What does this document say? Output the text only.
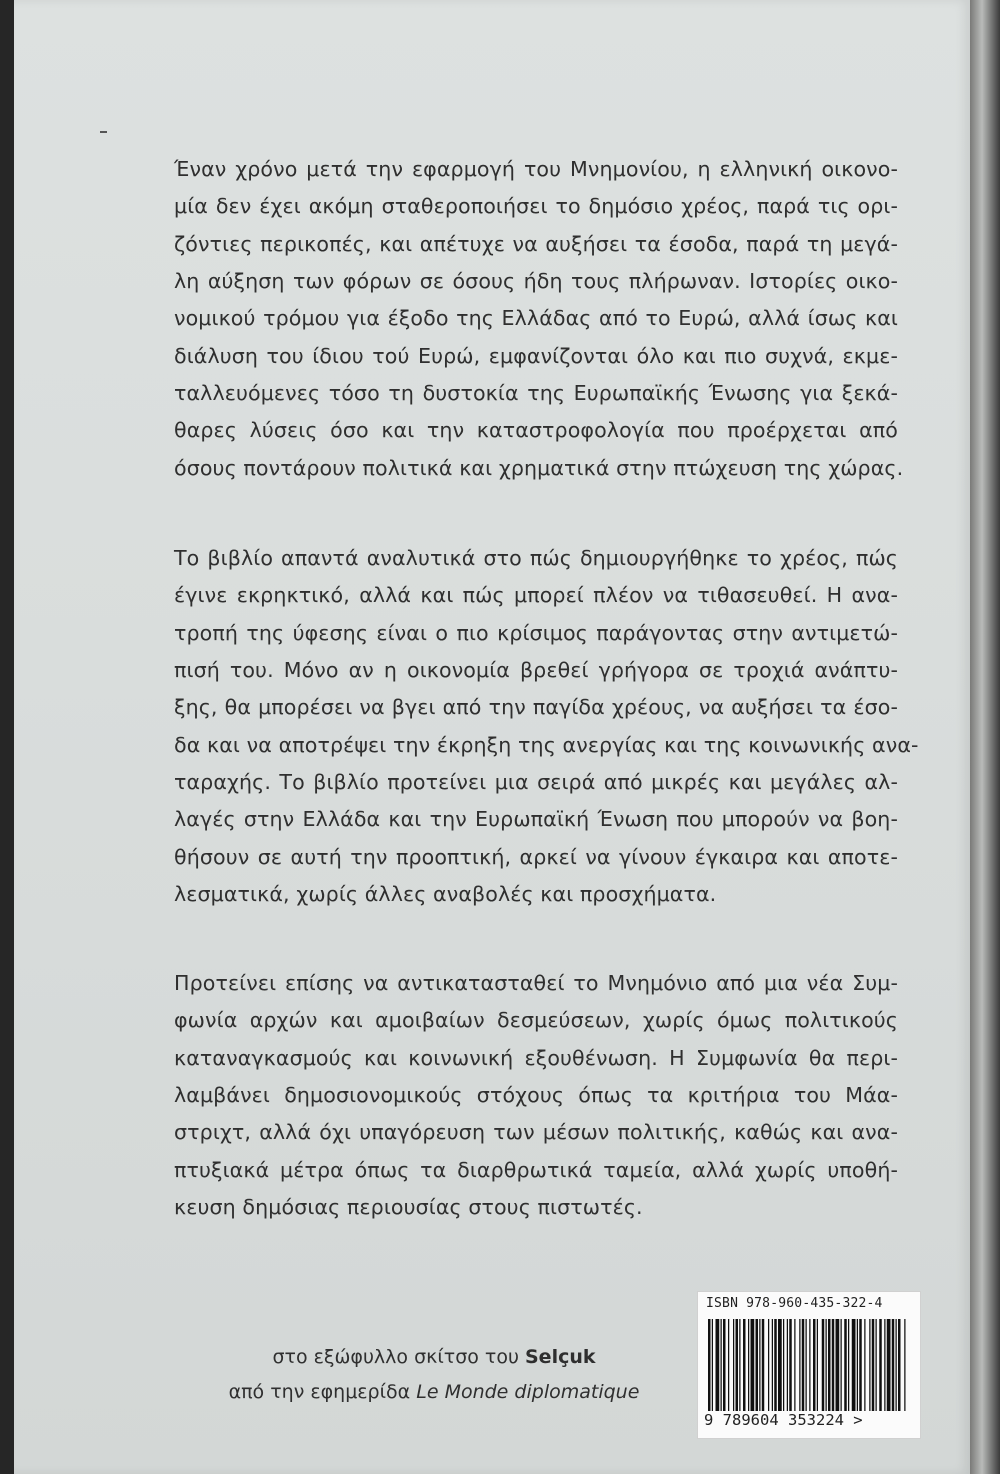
Έναν χρόνο μετά την εφαρμογή του Μνημονίου, η ελληνική οικονο-
μία δεν έχει ακόμη σταθεροποιήσει το δημόσιο χρέος, παρά τις ορι-
ζόντιες περικοπές, και απέτυχε να αυξήσει τα έσοδα, παρά τη μεγά-
λη αύξηση των φόρων σε όσους ήδη τους πλήρωναν. Ιστορίες οικο-
νομικού τρόμου για έξοδο της Ελλάδας από το Ευρώ, αλλά ίσως και
διάλυση του ίδιου τού Ευρώ, εμφανίζονται όλο και πιο συχνά, εκμε-
ταλλευόμενες τόσο τη δυστοκία της Ευρωπαϊκής Ένωσης για ξεκά-
θαρες λύσεις όσο και την καταστροφολογία που προέρχεται από
όσους ποντάρουν πολιτικά και χρηματικά στην πτώχευση της χώρας.
Το βιβλίο απαντά αναλυτικά στο πώς δημιουργήθηκε το χρέος, πώς
έγινε εκρηκτικό, αλλά και πώς μπορεί πλέον να τιθασευθεί. Η ανα-
τροπή της ύφεσης είναι ο πιο κρίσιμος παράγοντας στην αντιμετώ-
πισή του. Μόνο αν η οικονομία βρεθεί γρήγορα σε τροχιά ανάπτυ-
ξης, θα μπορέσει να βγει από την παγίδα χρέους, να αυξήσει τα έσο-
δα και να αποτρέψει την έκρηξη της ανεργίας και της κοινωνικής ανα-
ταραχής. Το βιβλίο προτείνει μια σειρά από μικρές και μεγάλες αλ-
λαγές στην Ελλάδα και την Ευρωπαϊκή Ένωση που μπορούν να βοη-
θήσουν σε αυτή την προοπτική, αρκεί να γίνουν έγκαιρα και αποτε-
λεσματικά, χωρίς άλλες αναβολές και προσχήματα.
Προτείνει επίσης να αντικατασταθεί το Μνημόνιο από μια νέα Συμ-
φωνία αρχών και αμοιβαίων δεσμεύσεων, χωρίς όμως πολιτικούς
καταναγκασμούς και κοινωνική εξουθένωση. Η Συμφωνία θα περι-
λαμβάνει δημοσιονομικούς στόχους όπως τα κριτήρια του Μάα-
στριχτ, αλλά όχι υπαγόρευση των μέσων πολιτικής, καθώς και ανα-
πτυξιακά μέτρα όπως τα διαρθρωτικά ταμεία, αλλά χωρίς υποθή-
κευση δημόσιας περιουσίας στους πιστωτές.
στο εξώφυλλο σκίτσο του Selçuk
από την εφημερίδα Le Monde diplomatique
ISBN 978-960-435-322-4
9 789604 353224 >
